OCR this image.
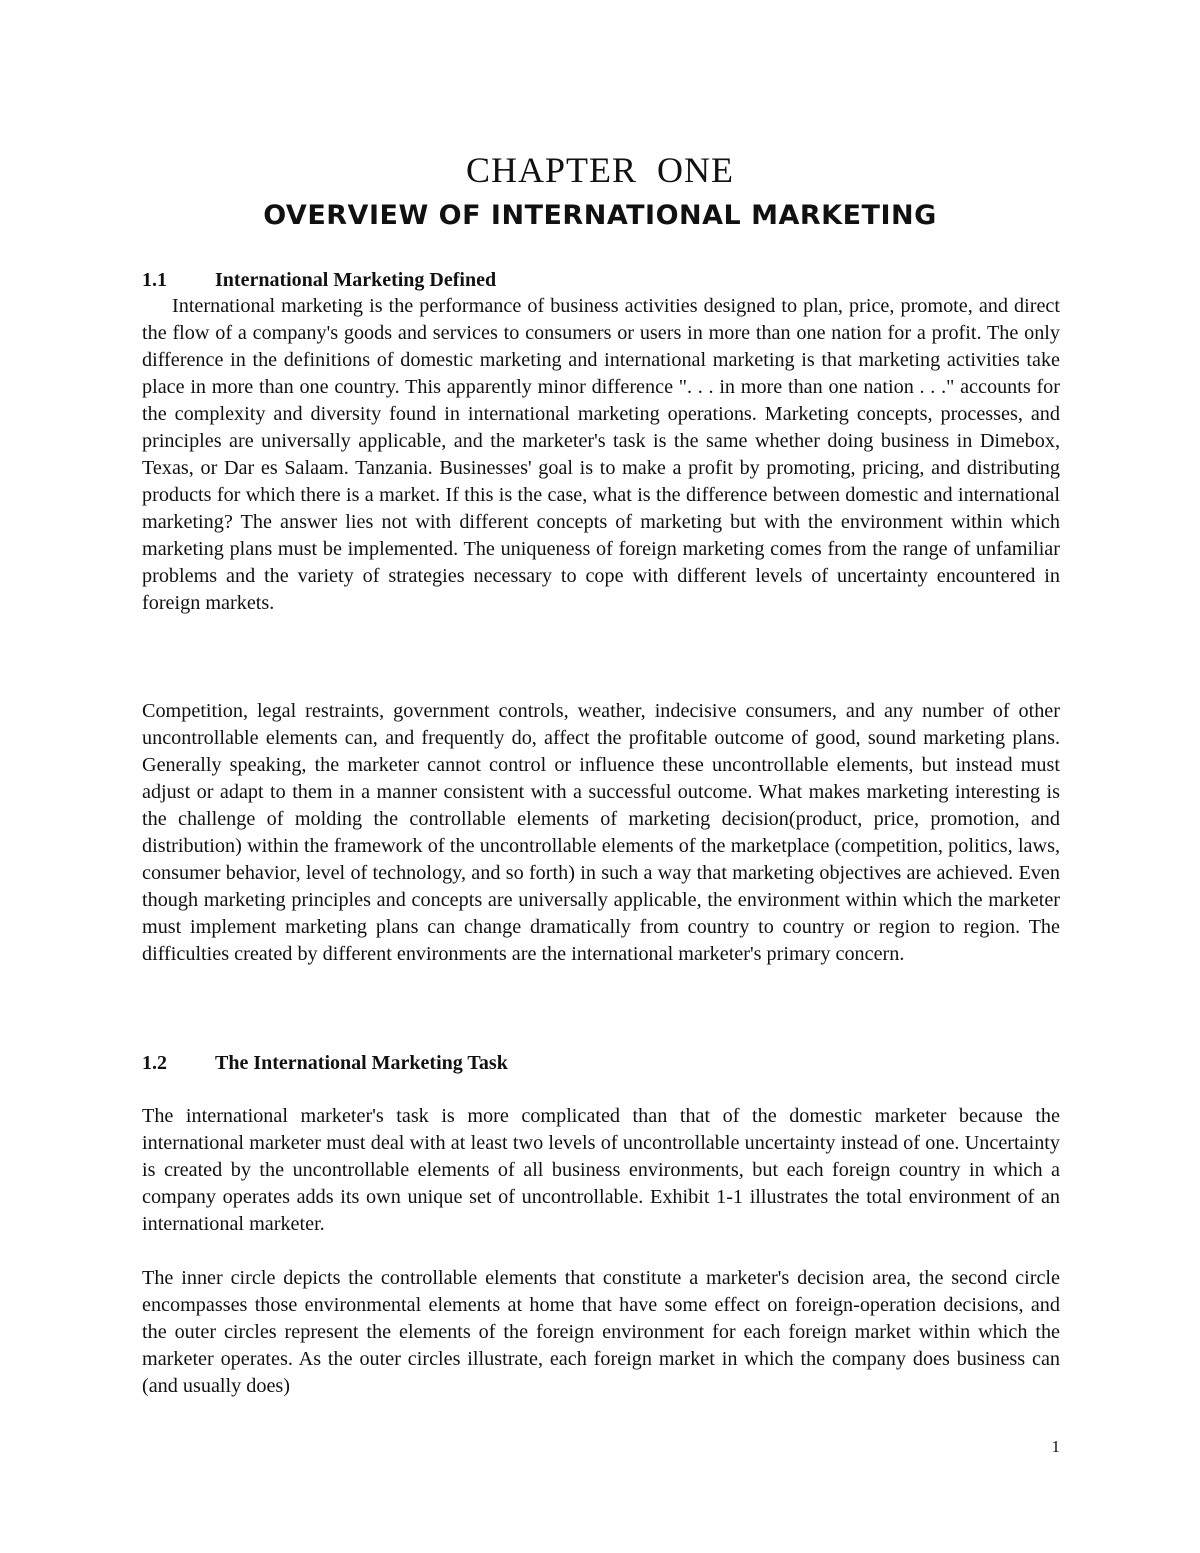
CHAPTER ONE
OVERVIEW OF INTERNATIONAL MARKETING
1.1 International Marketing Defined

International marketing is the performance of business activities designed to plan, price, promote, and direct the flow of a company's goods and services to consumers or users in more than one nation for a profit. The only difference in the definitions of domestic marketing and international marketing is that marketing activities take place in more than one country. This apparently minor difference ". . . in more than one nation . . ." accounts for the complexity and diversity found in international marketing operations. Marketing concepts, processes, and principles are universally applicable, and the marketer's task is the same whether doing business in Dimebox, Texas, or Dar es Salaam. Tanzania. Businesses' goal is to make a profit by promoting, pricing, and distributing products for which there is a market. If this is the case, what is the difference between domestic and international marketing? The answer lies not with different concepts of marketing but with the environment within which marketing plans must be implemented. The uniqueness of foreign marketing comes from the range of unfamiliar problems and the variety of strategies necessary to cope with different levels of uncertainty encountered in foreign markets.

Competition, legal restraints, government controls, weather, indecisive consumers, and any number of other uncontrollable elements can, and frequently do, affect the profitable outcome of good, sound marketing plans. Generally speaking, the marketer cannot control or influence these uncontrollable elements, but instead must adjust or adapt to them in a manner consistent with a successful outcome. What makes marketing interesting is the challenge of molding the controllable elements of marketing decision(product, price, promotion, and distribution) within the framework of the uncontrollable elements of the marketplace (competition, politics, laws, consumer behavior, level of technology, and so forth) in such a way that marketing objectives are achieved. Even though marketing principles and concepts are universally applicable, the environment within which the marketer must implement marketing plans can change dramatically from country to country or region to region. The difficulties created by different environments are the international marketer's primary concern.

1.2 The International Marketing Task

The international marketer's task is more complicated than that of the domestic marketer because the international marketer must deal with at least two levels of uncontrollable uncertainty instead of one. Uncertainty is created by the uncontrollable elements of all business environments, but each foreign country in which a company operates adds its own unique set of uncontrollable. Exhibit 1-1 illustrates the total environment of an international marketer.

The inner circle depicts the controllable elements that constitute a marketer's decision area, the second circle encompasses those environmental elements at home that have some effect on foreign-operation decisions, and the outer circles represent the elements of the foreign environment for each foreign market within which the marketer operates. As the outer circles illustrate, each foreign market in which the company does business can (and usually does)

1
